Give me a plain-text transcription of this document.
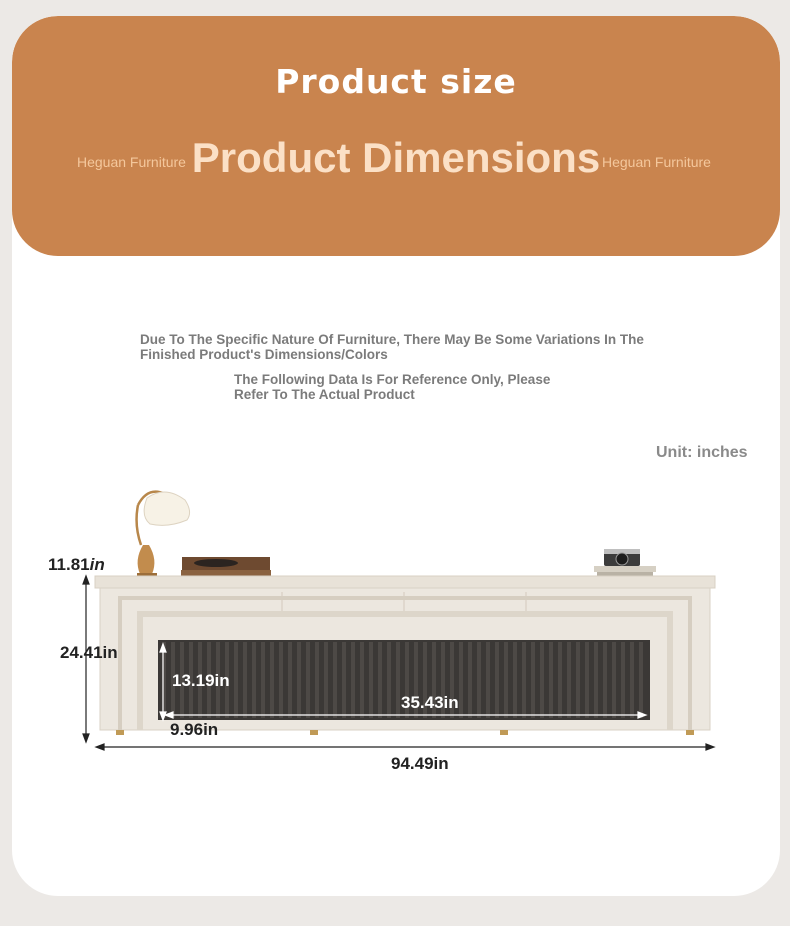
Product size
Heguan Furniture	Heguan Furniture
Product Dimensions
Due To The Specific Nature Of Furniture, There May Be Some Variations In The Finished Product's Dimensions/Colors
The Following Data Is For Reference Only, Please Refer To The Actual Product
Unit: inches
11.81in
24.41in
13.19in
35.43in
9.96in
94.49in
